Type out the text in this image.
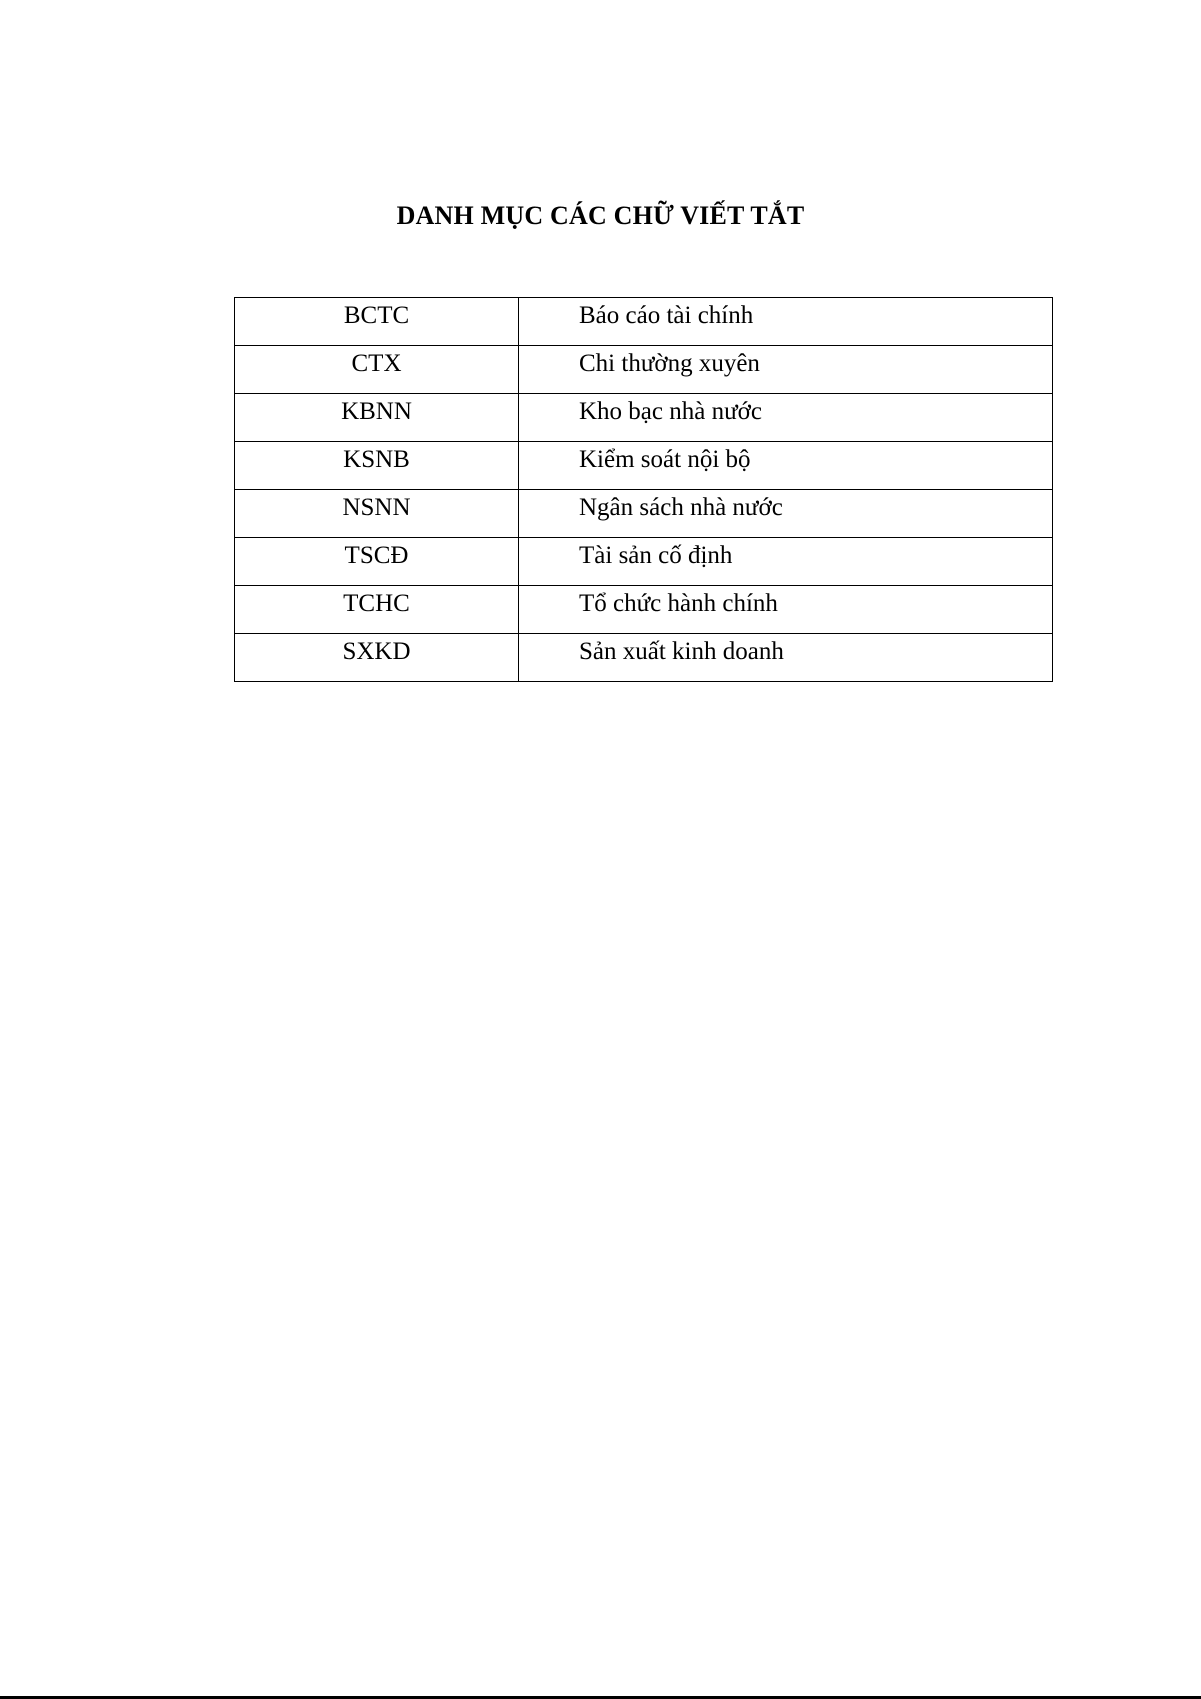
DANH MỤC CÁC CHỮ VIẾT TẮT
BCTC	Báo cáo tài chính
CTX	Chi thường xuyên
KBNN	Kho bạc nhà nước
KSNB	Kiểm soát nội bộ
NSNN	Ngân sách nhà nước
TSCĐ	Tài sản cố định
TCHC	Tổ chức hành chính
SXKD	Sản xuất kinh doanh
